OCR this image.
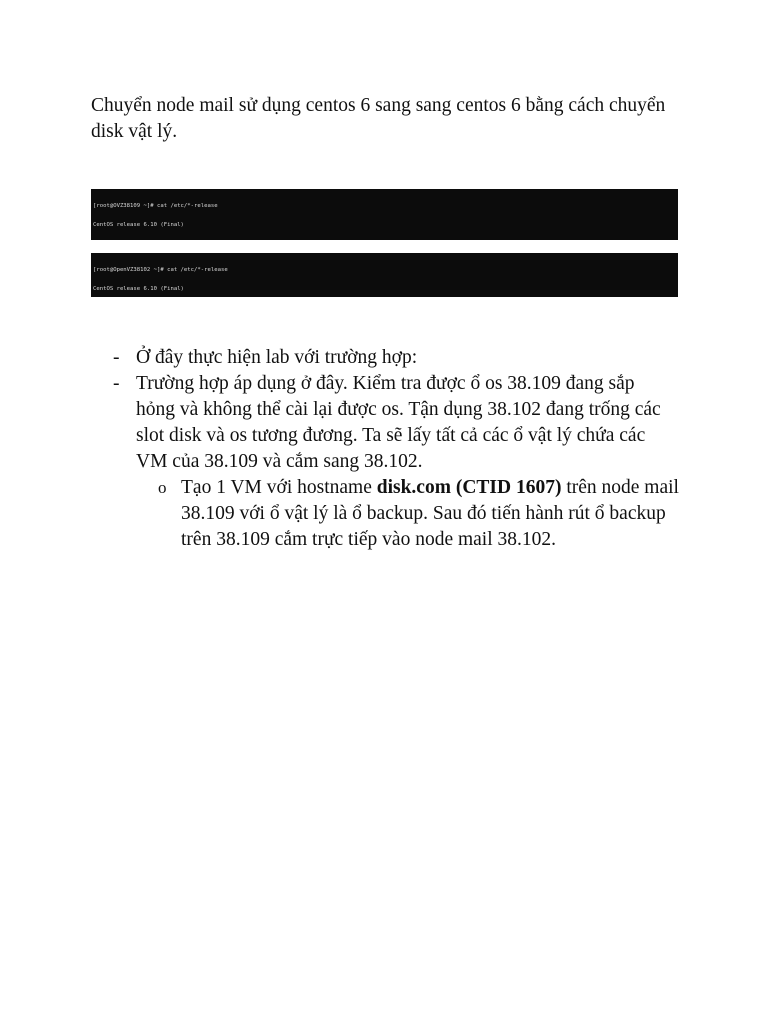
Chuyển node mail sử dụng centos 6 sang sang centos 6 bằng cách chuyển disk vật lý.

[root@OVZ38109 ~]# cat /etc/*-release

CentOS release 6.10 (Final)

[root@OpenVZ38102 ~]# cat /etc/*-release

CentOS release 6.10 (Final)

- Ở đây thực hiện lab với trường hợp:
- Trường hợp áp dụng ở đây. Kiểm tra được ổ os 38.109 đang sắp hỏng và không thể cài lại được os. Tận dụng 38.102 đang trống các slot disk và os tương đương. Ta sẽ lấy tất cả các ổ vật lý chứa các VM của 38.109 và cắm sang 38.102.
o Tạo 1 VM với hostname disk.com (CTID 1607) trên node mail 38.109 với ổ vật lý là ổ backup. Sau đó tiến hành rút ổ backup trên 38.109 cắm trực tiếp vào node mail 38.102.
